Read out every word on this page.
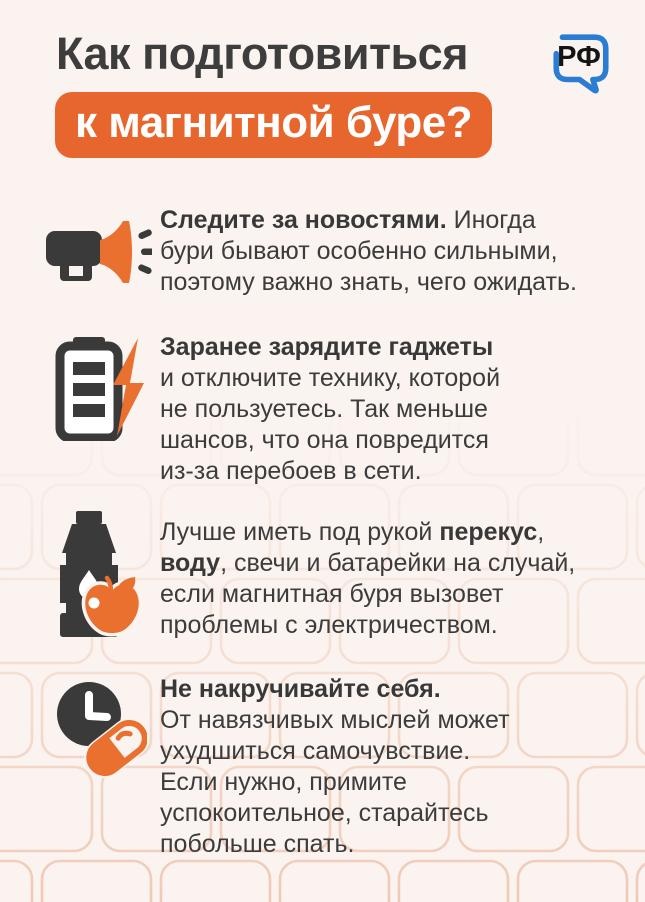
Как подготовиться
к магнитной буре?
РФ

Следите за новостями. Иногда
бури бывают особенно сильными,
поэтому важно знать, чего ожидать.

Заранее зарядите гаджеты
и отключите технику, которой
не пользуетесь. Так меньше
шансов, что она повредится
из-за перебоев в сети.

Лучше иметь под рукой перекус,
воду, свечи и батарейки на случай,
если магнитная буря вызовет
проблемы с электричеством.

Не накручивайте себя.
От навязчивых мыслей может
ухудшиться самочувствие.
Если нужно, примите
успокоительное, старайтесь
побольше спать.
